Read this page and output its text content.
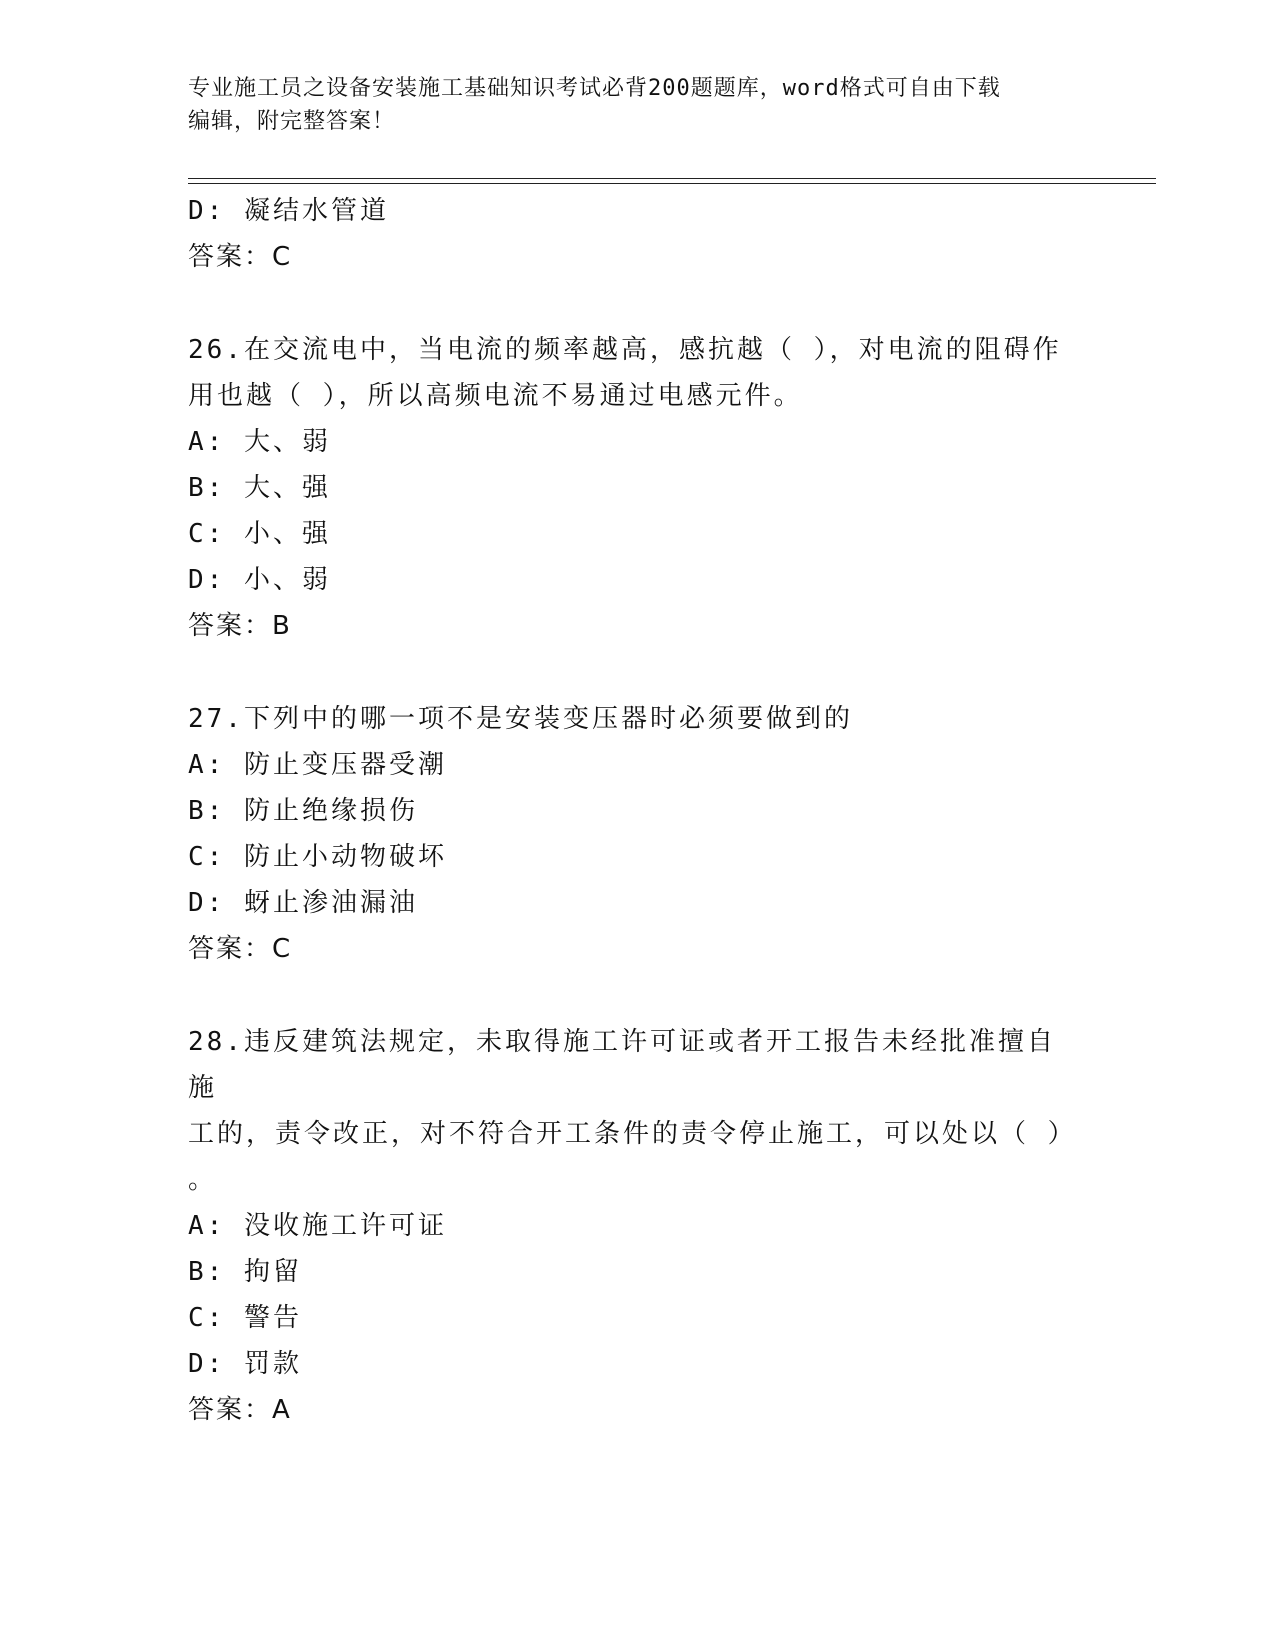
专业施工员之设备安装施工基础知识考试必背200题题库，word格式可自由下载
编辑，附完整答案！
D: 凝结水管道
答案：C
26.在交流电中，当电流的频率越高，感抗越（ ），对电流的阻碍作
用也越（ ），所以高频电流不易通过电感元件。
A: 大、弱
B: 大、强
C: 小、强
D: 小、弱
答案：B
27.下列中的哪一项不是安装变压器时必须要做到的
A: 防止变压器受潮
B: 防止绝缘损伤
C: 防止小动物破坏
D: 蚜止渗油漏油
答案：C
28.违反建筑法规定，未取得施工许可证或者开工报告未经批准擅自施
工的，责令改正，对不符合开工条件的责令停止施工，可以处以（ ）
。
A: 没收施工许可证
B: 拘留
C: 警告
D: 罚款
答案：A
